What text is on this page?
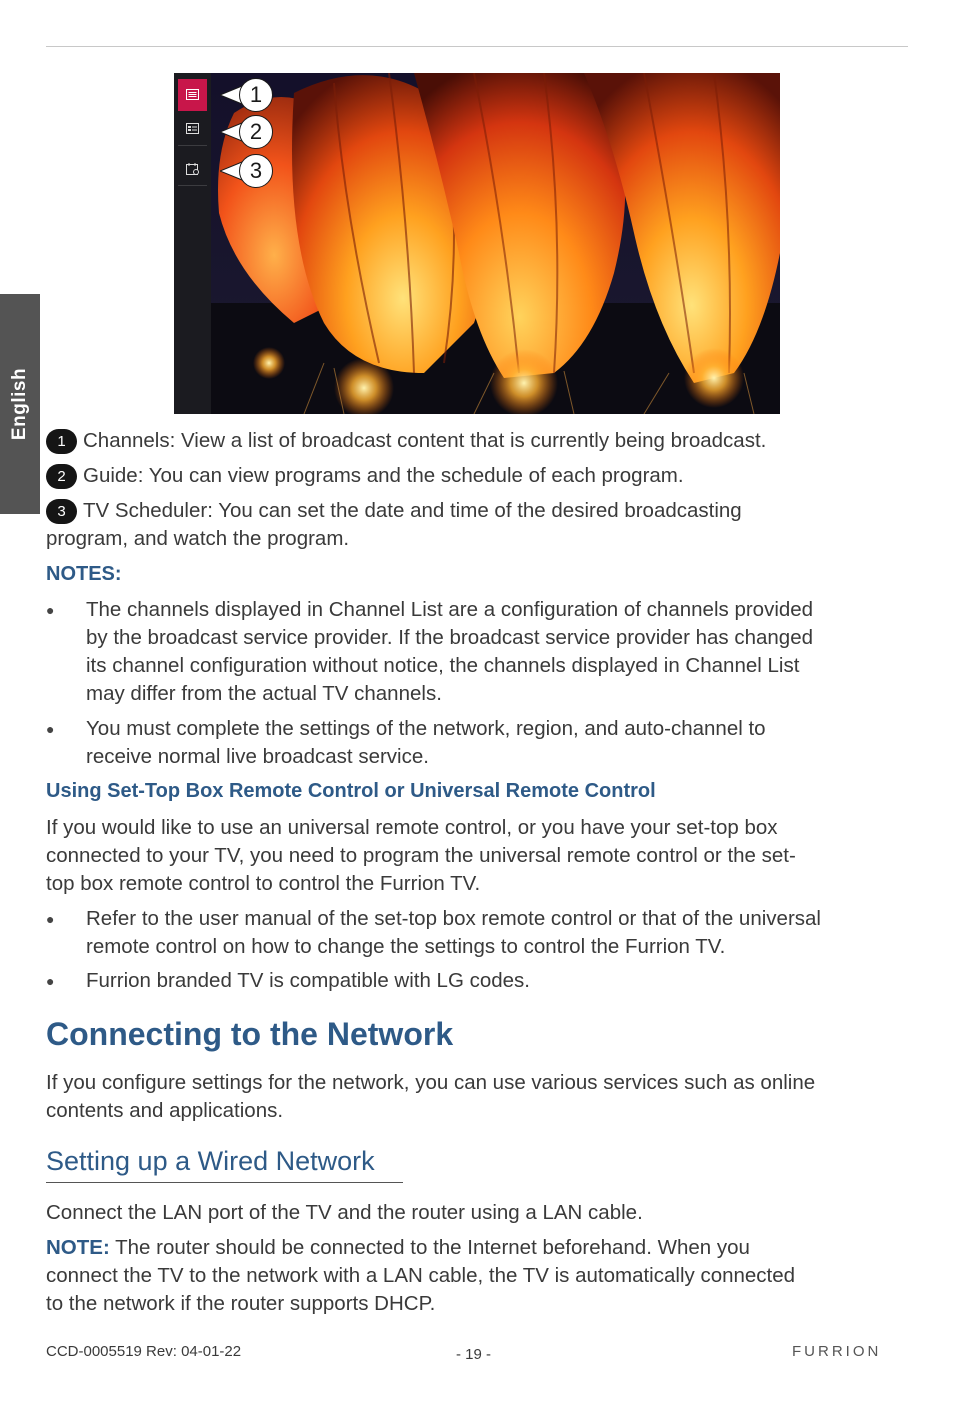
English
1
2
3
1 Channels: View a list of broadcast content that is currently being broadcast.
2 Guide: You can view programs and the schedule of each program.
3 TV Scheduler: You can set the date and time of the desired broadcasting
program, and watch the program.
NOTES:
●	The channels displayed in Channel List are a configuration of channels provided
by the broadcast service provider. If the broadcast service provider has changed
its channel configuration without notice, the channels displayed in Channel List
may differ from the actual TV channels.
●	You must complete the settings of the network, region, and auto-channel to
receive normal live broadcast service.
Using Set-Top Box Remote Control or Universal Remote Control
If you would like to use an universal remote control, or you have your set-top box
connected to your TV, you need to program the universal remote control or the set-
top box remote control to control the Furrion TV.
●	Refer to the user manual of the set-top box remote control or that of the universal
remote control on how to change the settings to control the Furrion TV.
●	Furrion branded TV is compatible with LG codes.
Connecting to the Network
If you configure settings for the network, you can use various services such as online
contents and applications.
Setting up a Wired Network
Connect the LAN port of the TV and the router using a LAN cable.
NOTE: The router should be connected to the Internet beforehand. When you
connect the TV to the network with a LAN cable, the TV is automatically connected
to the network if the router supports DHCP.
CCD-0005519 Rev: 04-01-22	- 19 -	FURRION
